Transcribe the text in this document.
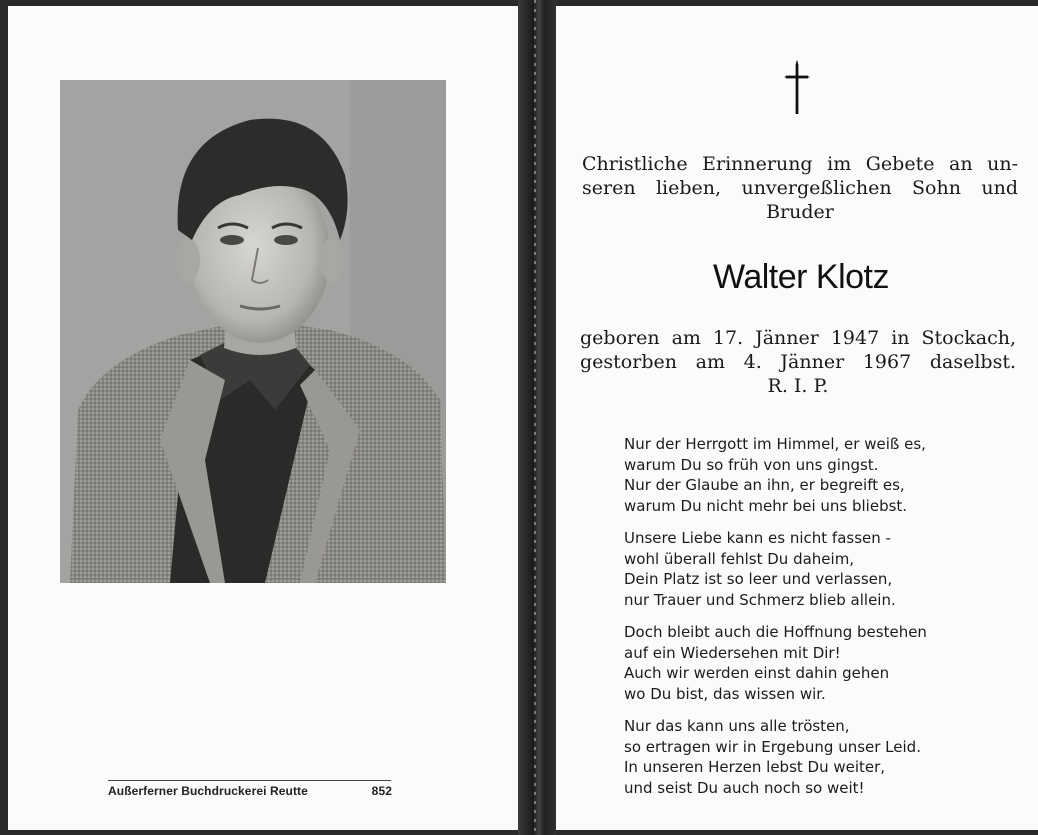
Außerferner Buchdruckerei Reutte	852
Christliche Erinnerung im Gebete an un-
seren lieben, unvergeßlichen Sohn und
Bruder
Walter Klotz
geboren am 17. Jänner 1947 in Stockach,
gestorben am 4. Jänner 1967 daselbst.
R. I. P.
Nur der Herrgott im Himmel, er weiß es,
warum Du so früh von uns gingst.
Nur der Glaube an ihn, er begreift es,
warum Du nicht mehr bei uns bliebst.
Unsere Liebe kann es nicht fassen -
wohl überall fehlst Du daheim,
Dein Platz ist so leer und verlassen,
nur Trauer und Schmerz blieb allein.
Doch bleibt auch die Hoffnung bestehen
auf ein Wiedersehen mit Dir!
Auch wir werden einst dahin gehen
wo Du bist, das wissen wir.
Nur das kann uns alle trösten,
so ertragen wir in Ergebung unser Leid.
In unseren Herzen lebst Du weiter,
und seist Du auch noch so weit!
